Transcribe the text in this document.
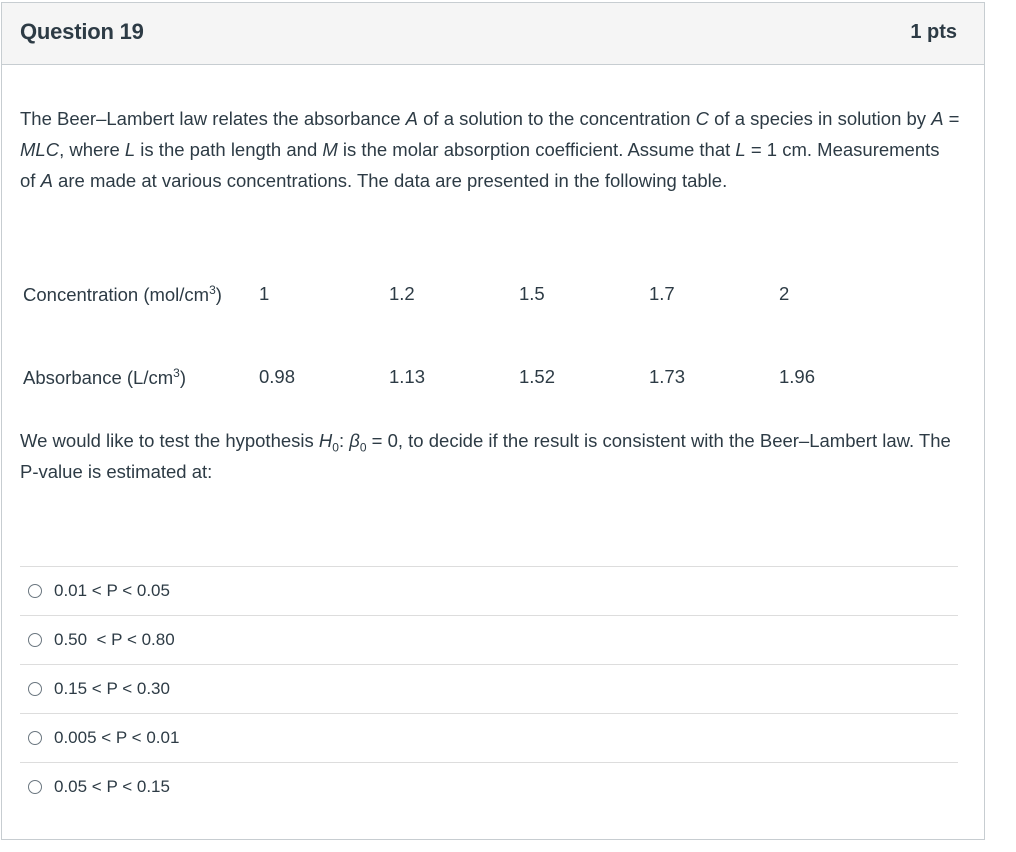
Question 19	1 pts
The Beer–Lambert law relates the absorbance A of a solution to the concentration C of a species in solution by A = MLC, where L is the path length and M is the molar absorption coefficient. Assume that L = 1 cm. Measurements of A are made at various concentrations. The data are presented in the following table.
Concentration $(mol/cm^3)$	1	1.2	1.5	1.7	2

Absorbance $(L/cm^3)$	0.98	1.13	1.52	1.73	1.96
We would like to test the hypothesis $H_0$: $\beta_0 = 0$, to decide if the result is consistent with the Beer–Lambert law. The P-value is estimated at:
0.01 < P < 0.05
0.50  < P < 0.80
0.15 < P < 0.30
0.005 < P < 0.01
0.05 < P < 0.15
